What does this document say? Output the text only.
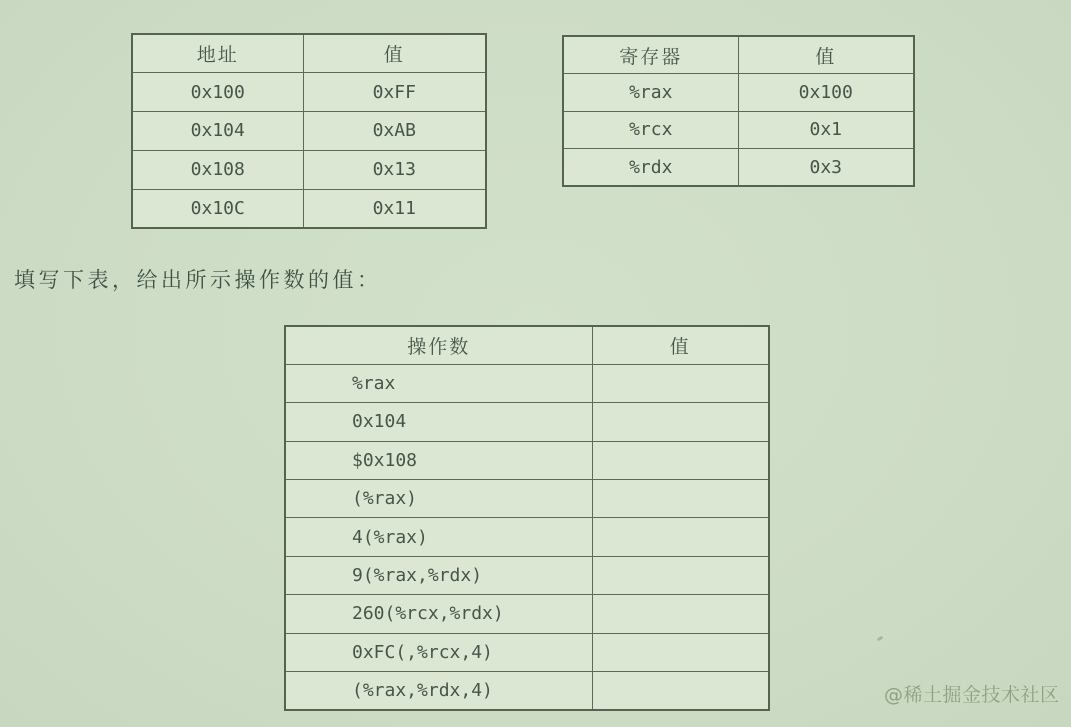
地址	值
0x100	0xFF
0x104	0xAB
0x108	0x13
0x10C	0x11
寄存器	值
%rax	0x100
%rcx	0x1
%rdx	0x3
填写下表，给出所示操作数的值：
操作数	值
%rax	
0x104	
$0x108	
(%rax)	
4(%rax)	
9(%rax,%rdx)	
260(%rcx,%rdx)	
0xFC(,%rcx,4)	
(%rax,%rdx,4)		@稀土掘金技术社区
